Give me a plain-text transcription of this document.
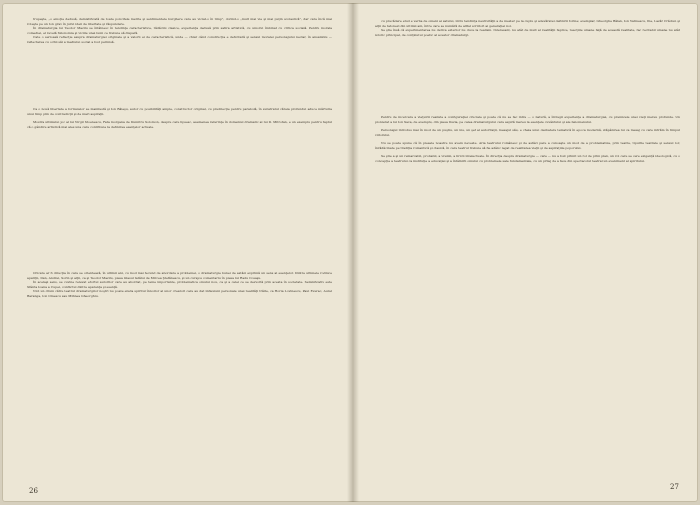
trupeşte, „o emoţie dedusă, demistificată de toate poncifele merite şi sentimentele burghere care au viciat-o în timp”, dorind-o „mult mai vie şi mai puţin scolastică”, dar care încă mai roteşte pe un ton grav în jurul ideii de libertate şi răspundere.

În dramaturgia lui Teodor Mazilu se întâlnesc în tendinţe caracteristice, rădăcini clasice, experienţa dedusă prin satira artistică, cu umorul îmbinat cu critica socială. Pentru morala comediei, el revelă fizionomia şi viciile unei lumi ce trebuie să dispară.

Cate o serioasă reflecţie asupra dramaturgiei originale şi a valorii ei de caracteristică, unde — chiar când construcţia e deficitară şi sensul moralei personajului neclar, în ansamblu — reflectarea cu ochii săi a mediului social a fost permisă.

Ca o nouă libertate a formulelor se manifestă şi Ion Băieşu, autor cu posibilităţi ample, constructor original, cu predilecţie pentru parabolă, în substratul căreia profundul aduce mărturia unui timp plin de contradicţii şi de mari aspiraţii.

Mostra ultimului joc al lui Virgil Stoenescu, Fata morgana de Dumitru Solomon, despre care lipsesc, asemenea referinţe în domeniul dramatic al lui D. Mitrofan, e un exemplu pentru faptul că o gândire artistică mai ales una care contribuie la definirea esenţelor actuale.

Oricare ar fi direcţia în care se orientează, în ultimii ani, cu mod mai fecund de abordare a problemei, o dramaturgie bunei de astăzi exprimă un sens al esenţelor. Dintre ultimele rodnice apariţii, Dan, Andrei, Sorin şi alţii, ca şi Teodor Mazilu, piesa Glasul tatălui de Mircea Ştefănescu, şi un curajos comentariu în piesa lui Radu Cosaşu.

În acelaşi sens, se cuvine relevat efortul autorilor care au abordat, pe teme importante, problematica omului nou, ca şi a celei ce se dezvoltă prin acesta în societate. Semnificativ este Sfânta Ioana a Cupei, conflictul dintre aparenţa şi esenţă.

Nici un drum către teatrul dramaturgilor noştri nu poate eluda spiritul înnoitor al unor creatori care au dat inflexiuni personale unei realităţi trăite, ca Horia Lovinescu, Paul Everac, Aurel Baranga, Ion Omescu sau Mihnea Gheorghiu.

26

cu precădere etud e verba de omeni ai satului, intru tendinţa neutivităţii a de mester pe la cuplu şi adevăratei definirii forme; exemplar, Gheorghe Bălan, Ion Vatmescu, Ilie, Lazăr Crăciun şi alţii de tatonezi din ultimii ani, între care se numără de altfel scriitori ai generaţiei noi.

Se ştie însă că experimentarea nu deriva exterior nu duce la realism. Interesant, nu atât de mult al realităţii faptice, reacţiile umane faţă de această realitate, fac recitabil umane nu atât istoric principal, de conţinutul poetic al acestor dramaturgi.

Pentru de incercare a vieţuirii realiste a configuraţiei cruciale şi poate că nu se fac intre — o natură, a întregii experienţe a dramaturgiei, cu premizele unei vieţi mereu profunde. Un pionierat a lui Ion Sava, de exemplu, din piesa Iluzia, pe calea dramaturgului care aspiră mereu la esenţele cuvântului şi ale fenomenului.

Personajul introdus mai în mod de un puştiu, un ins, un şef al autoritaţii, mesajul său, e cheia unui dezbatere tematică în epoca modernă, stăpânirea lui ca mesaj cu care intrăm în timpul viitorului.

Nu se poate spune că în piesele noastre nu avem neveste. Aria teatrului românesc şi de astăzi pare a cunoaşte un mod de a problematiza, prin teatre, tipurile teatrale şi sensul lor, înrădăcinate pe tradiţia romantică şi clasică, în care teatrul trebuie să fie adânc legat de realitatea vieţii şi de aspiraţiile poporului.

Se ştie a şi un remarcabil, probabil, a vremii, a liricii intelectuale. În direcţia despre dramaturgie — care — nu a fost primit un rol de prim plan, un rol care se cere exigenţă ideologică, cu o concepţie a teatrului ca instituţie a educaţiei şi a întâlnirii omului cu problemele sale fundamentale, cu un prilej de a face din spectacolul teatral un eveniment al spiritului.

27
